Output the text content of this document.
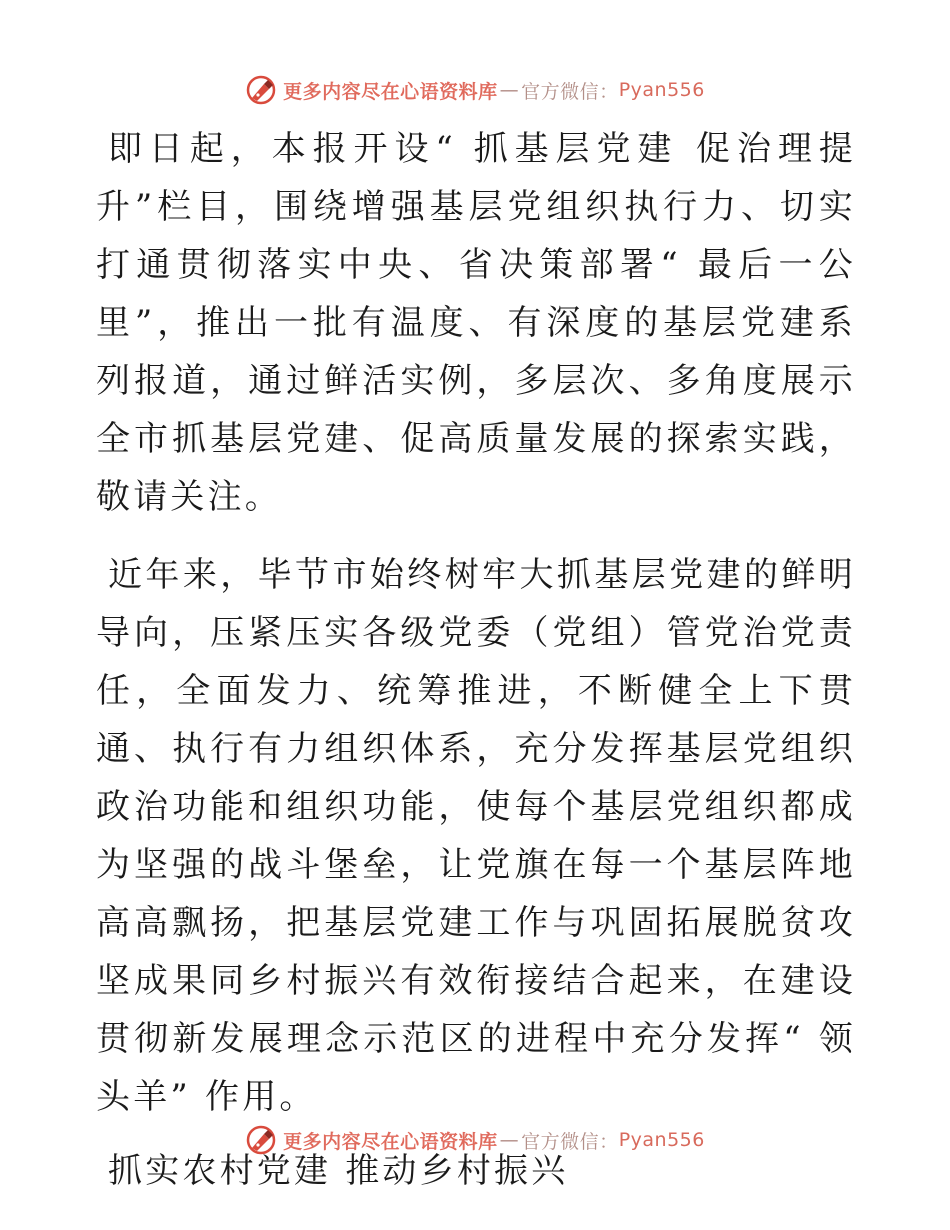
更多内容尽在心语资料库 — 官方微信： Pyan556

即日起，本报开设“ 抓基层党建 促治理提升”栏目，围绕增强基层党组织执行力、切实打通贯彻落实中央、省决策部署“ 最后一公里”，推出一批有温度、有深度的基层党建系列报道，通过鲜活实例，多层次、多角度展示全市抓基层党建、促高质量发展的探索实践，敬请关注。

近年来，毕节市始终树牢大抓基层党建的鲜明导向，压紧压实各级党委（党组）管党治党责任，全面发力、统筹推进，不断健全上下贯通、执行有力组织体系，充分发挥基层党组织政治功能和组织功能，使每个基层党组织都成为坚强的战斗堡垒，让党旗在每一个基层阵地高高飘扬，把基层党建工作与巩固拓展脱贫攻坚成果同乡村振兴有效衔接结合起来，在建设贯彻新发展理念示范区的进程中充分发挥“ 领头羊” 作用。

抓实农村党建 推动乡村振兴

更多内容尽在心语资料库 — 官方微信： Pyan556
